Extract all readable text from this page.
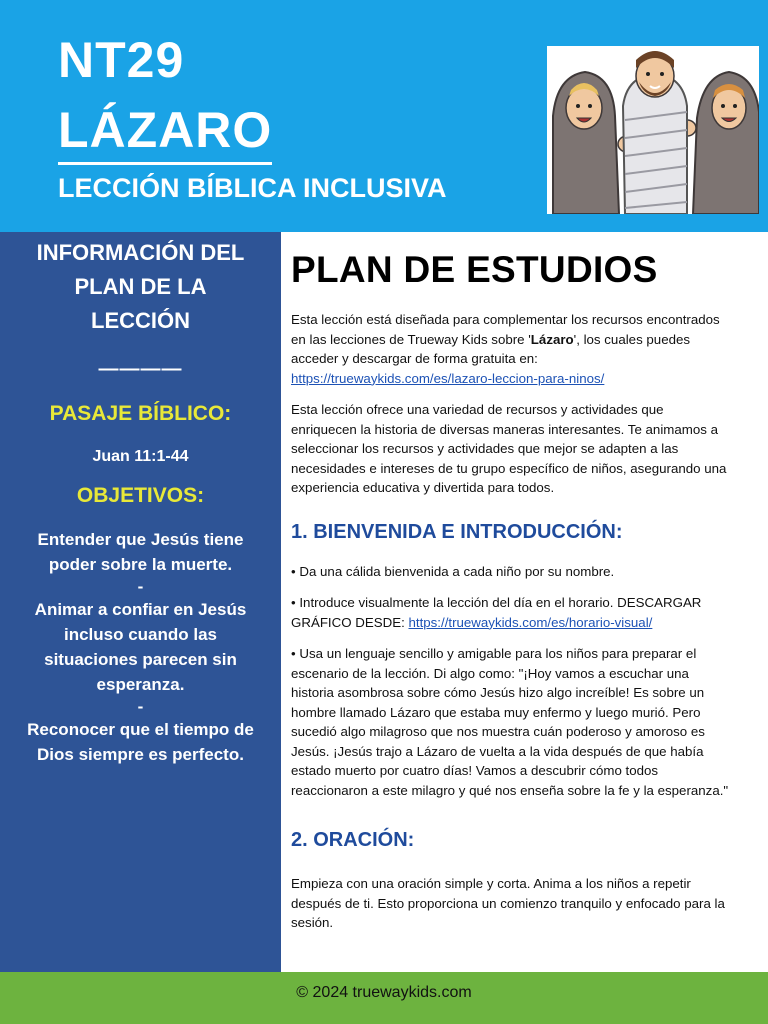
NT29
LÁZARO
LECCIÓN BÍBLICA INCLUSIVA
INFORMACIÓN DEL PLAN DE LA LECCIÓN
————
PASAJE BÍBLICO:
Juan 11:1-44
OBJETIVOS:
Entender que Jesús tiene poder sobre la muerte.
-
Animar a confiar en Jesús incluso cuando las situaciones parecen sin esperanza.
-
Reconocer que el tiempo de Dios siempre es perfecto.
PLAN DE ESTUDIOS

Esta lección está diseñada para complementar los recursos encontrados en las lecciones de Trueway Kids sobre 'Lázaro', los cuales puedes acceder y descargar de forma gratuita en: https://truewaykids.com/es/lazaro-leccion-para-ninos/

Esta lección ofrece una variedad de recursos y actividades que enriquecen la historia de diversas maneras interesantes. Te animamos a seleccionar los recursos y actividades que mejor se adapten a las necesidades e intereses de tu grupo específico de niños, asegurando una experiencia educativa y divertida para todos.

1. BIENVENIDA E INTRODUCCIÓN:

• Da una cálida bienvenida a cada niño por su nombre.

• Introduce visualmente la lección del día en el horario. DESCARGAR GRÁFICO DESDE: https://truewaykids.com/es/horario-visual/

• Usa un lenguaje sencillo y amigable para los niños para preparar el escenario de la lección. Di algo como: "¡Hoy vamos a escuchar una historia asombrosa sobre cómo Jesús hizo algo increíble! Es sobre un hombre llamado Lázaro que estaba muy enfermo y luego murió. Pero sucedió algo milagroso que nos muestra cuán poderoso y amoroso es Jesús. ¡Jesús trajo a Lázaro de vuelta a la vida después de que había estado muerto por cuatro días! Vamos a descubrir cómo todos reaccionaron a este milagro y qué nos enseña sobre la fe y la esperanza."

2. ORACIÓN:

Empieza con una oración simple y corta. Anima a los niños a repetir después de ti. Esto proporciona un comienzo tranquilo y enfocado para la sesión.

© 2024 truewaykids.com
